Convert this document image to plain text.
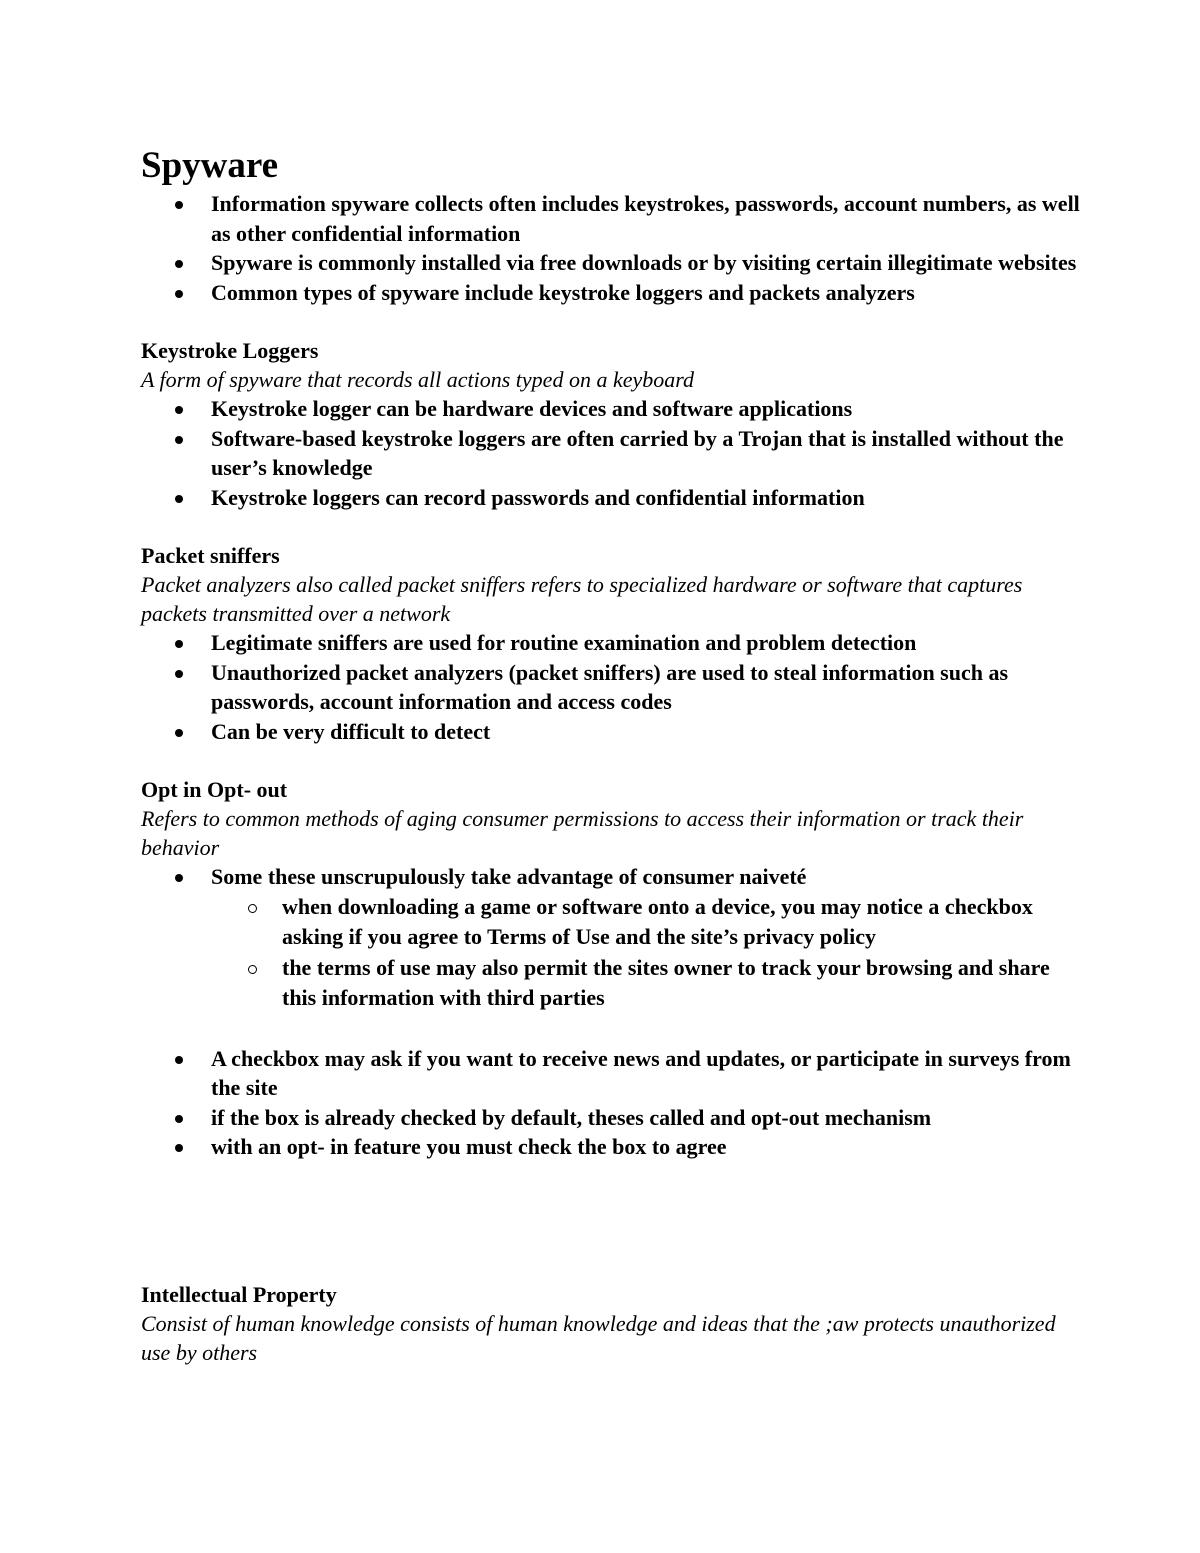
Spyware
Information spyware collects often includes keystrokes, passwords, account numbers, as well as other confidential information
Spyware is commonly installed via free downloads or by visiting certain illegitimate websites
Common types of spyware include keystroke loggers and packets analyzers
Keystroke Loggers

A form of spyware that records all actions typed on a keyboard

Keystroke logger can be hardware devices and software applications
Software-based keystroke loggers are often carried by a Trojan that is installed without the user’s knowledge
Keystroke loggers can record passwords and confidential information
Packet sniffers

Packet analyzers also called packet sniffers refers to specialized hardware or software that captures packets transmitted over a network

Legitimate sniffers are used for routine examination and problem detection
Unauthorized packet analyzers (packet sniffers) are used to steal information such as passwords, account information and access codes
Can be very difficult to detect
Opt in Opt- out

Refers to common methods of aging consumer permissions to access their information or track their behavior

Some these unscrupulously take advantage of consumer naiveté
when downloading a game or software onto a device, you may notice a checkbox asking if you agree to Terms of Use and the site’s privacy policy
the terms of use may also permit the sites owner to track your browsing and share this information with third parties
A checkbox may ask if you want to receive news and updates, or participate in surveys from the site
if the box is already checked by default, theses called and opt-out mechanism
with an opt- in feature you must check the box to agree
Intellectual Property

Consist of human knowledge consists of human knowledge and ideas that the ;aw protects unauthorized use by others
